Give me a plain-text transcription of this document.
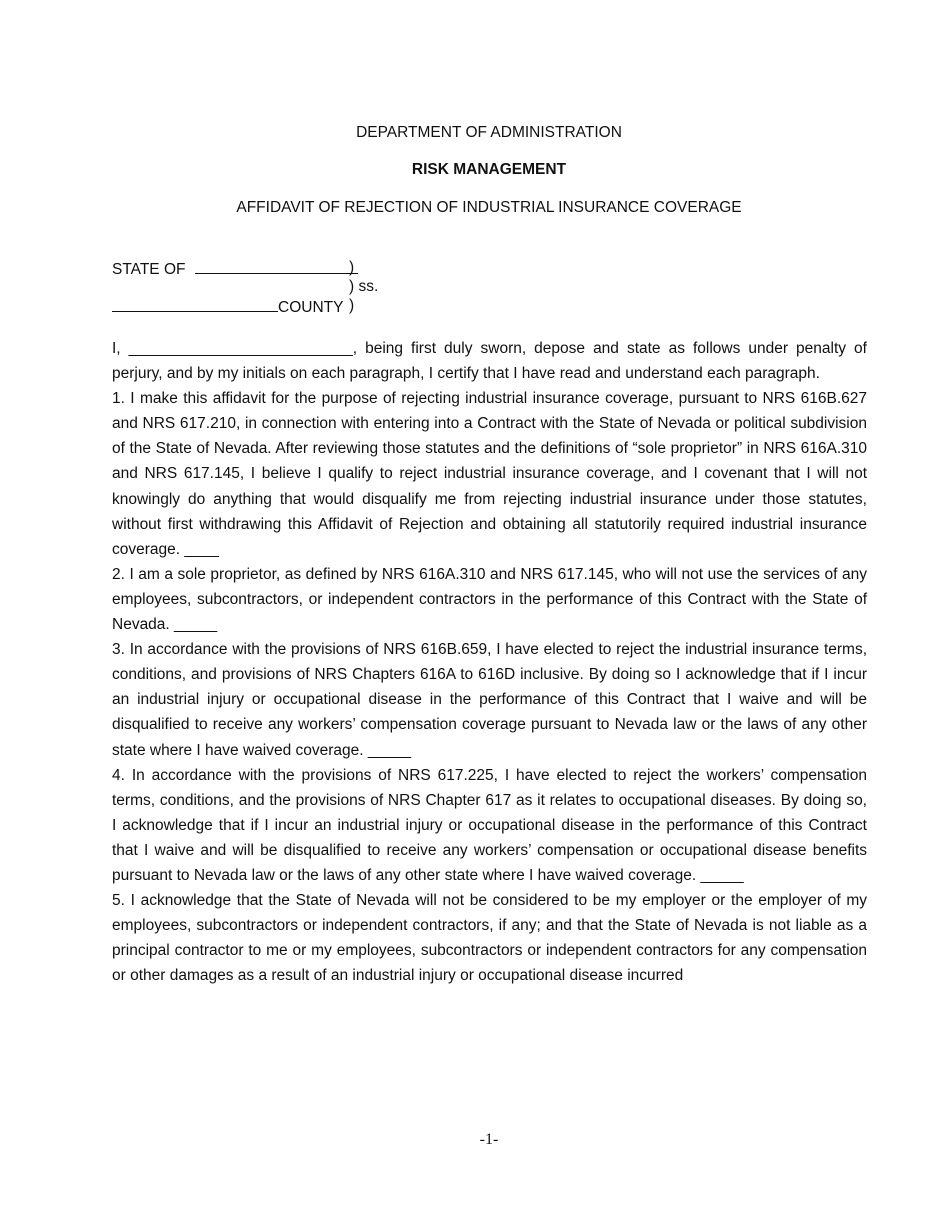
DEPARTMENT OF ADMINISTRATION
RISK MANAGEMENT
AFFIDAVIT OF REJECTION OF INDUSTRIAL INSURANCE COVERAGE
STATE OF	)
) ss.
COUNTY )

I, __________________________, being first duly sworn, depose and state as follows under penalty of perjury, and by my initials on each paragraph, I certify that I have read and understand each paragraph.

1. I make this affidavit for the purpose of rejecting industrial insurance coverage, pursuant to NRS 616B.627 and NRS 617.210, in connection with entering into a Contract with the State of Nevada or political subdivision of the State of Nevada. After reviewing those statutes and the definitions of “sole proprietor” in NRS 616A.310 and NRS 617.145, I believe I qualify to reject industrial insurance coverage, and I covenant that I will not knowingly do anything that would disqualify me from rejecting industrial insurance under those statutes, without first withdrawing this Affidavit of Rejection and obtaining all statutorily required industrial insurance coverage. ____

2. I am a sole proprietor, as defined by NRS 616A.310 and NRS 617.145, who will not use the services of any employees, subcontractors, or independent contractors in the performance of this Contract with the State of Nevada. _____

3. In accordance with the provisions of NRS 616B.659, I have elected to reject the industrial insurance terms, conditions, and provisions of NRS Chapters 616A to 616D inclusive. By doing so I acknowledge that if I incur an industrial injury or occupational disease in the performance of this Contract that I waive and will be disqualified to receive any workers’ compensation coverage pursuant to Nevada law or the laws of any other state where I have waived coverage. _____

4. In accordance with the provisions of NRS 617.225, I have elected to reject the workers’ compensation terms, conditions, and the provisions of NRS Chapter 617 as it relates to occupational diseases. By doing so, I acknowledge that if I incur an industrial injury or occupational disease in the performance of this Contract that I waive and will be disqualified to receive any workers’ compensation or occupational disease benefits pursuant to Nevada law or the laws of any other state where I have waived coverage. _____

5. I acknowledge that the State of Nevada will not be considered to be my employer or the employer of my employees, subcontractors or independent contractors, if any; and that the State of Nevada is not liable as a principal contractor to me or my employees, subcontractors or independent contractors for any compensation or other damages as a result of an industrial injury or occupational disease incurred

-1-
